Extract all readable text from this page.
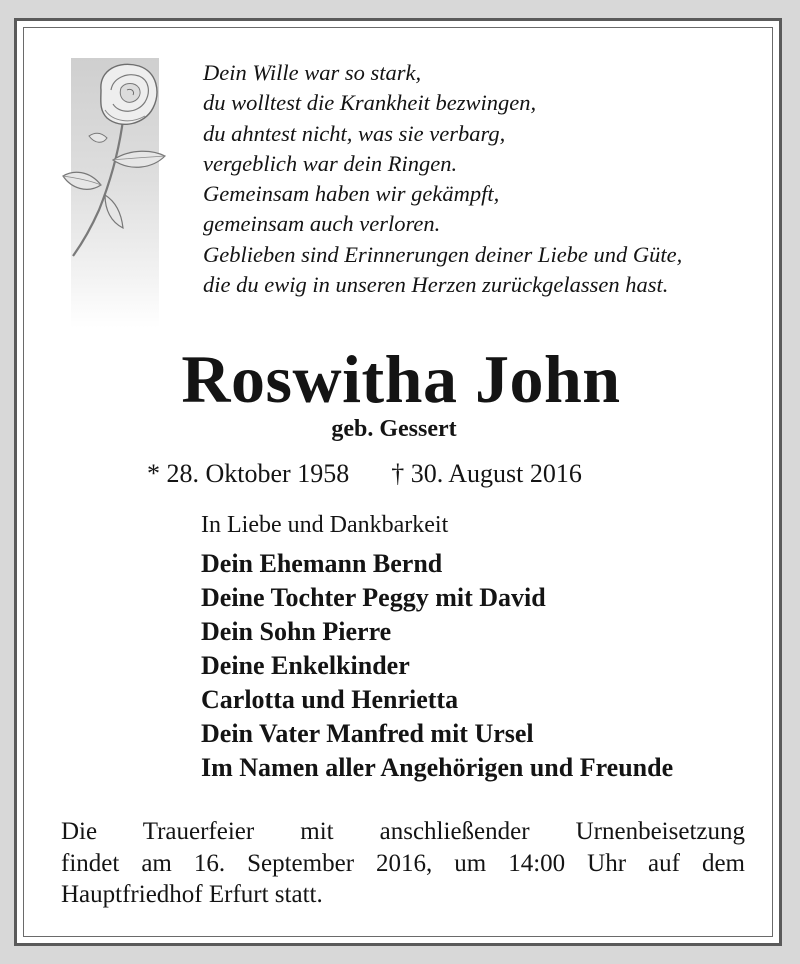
Dein Wille war so stark,
du wolltest die Krankheit bezwingen,
du ahntest nicht, was sie verbarg,
vergeblich war dein Ringen.
Gemeinsam haben wir gekämpft,
gemeinsam auch verloren.
Geblieben sind Erinnerungen deiner Liebe und Güte,
die du ewig in unseren Herzen zurückgelassen hast.
Roswitha John
geb. Gessert
* 28. Oktober 1958 † 30. August 2016
In Liebe und Dankbarkeit
Dein Ehemann Bernd
Deine Tochter Peggy mit David
Dein Sohn Pierre
Deine Enkelkinder
Carlotta und Henrietta
Dein Vater Manfred mit Ursel
Im Namen aller Angehörigen und Freunde
Die Trauerfeier mit anschließender Urnenbeisetzung
findet am 16. September 2016, um 14:00 Uhr auf dem
Hauptfriedhof Erfurt statt.
